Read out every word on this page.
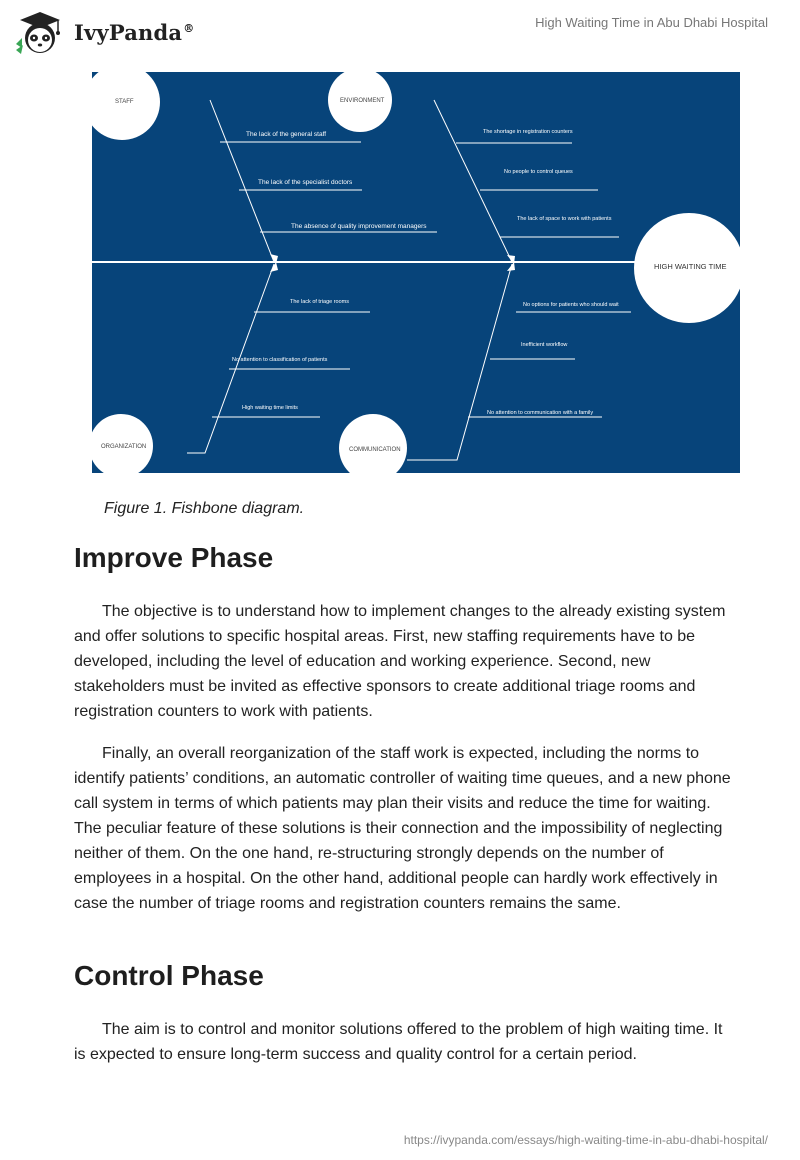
IvyPanda®	High Waiting Time in Abu Dhabi Hospital
STAFF	ENVIRONMENT
ORGANIZATION	COMMUNICATION
HIGH WAITING TIME
The lack of the general staff
The lack of the specialist doctors
The absence of quality improvement managers
The shortage in registration counters
No people to control queues
The lack of space to work with patients
The lack of triage rooms
No attention to classification of patients
High waiting time limits
No options for patients who should wait
Inefficient workflow
No attention to communication with a family
Figure 1. Fishbone diagram.
Improve Phase

The objective is to understand how to implement changes to the already existing system and offer solutions to specific hospital areas. First, new staffing requirements have to be developed, including the level of education and working experience. Second, new stakeholders must be invited as effective sponsors to create additional triage rooms and registration counters to work with patients.

Finally, an overall reorganization of the staff work is expected, including the norms to identify patients’ conditions, an automatic controller of waiting time queues, and a new phone call system in terms of which patients may plan their visits and reduce the time for waiting. The peculiar feature of these solutions is their connection and the impossibility of neglecting neither of them. On the one hand, re-structuring strongly depends on the number of employees in a hospital. On the other hand, additional people can hardly work effectively in case the number of triage rooms and registration counters remains the same.

Control Phase

The aim is to control and monitor solutions offered to the problem of high waiting time. It is expected to ensure long-term success and quality control for a certain period.

https://ivypanda.com/essays/high-waiting-time-in-abu-dhabi-hospital/
